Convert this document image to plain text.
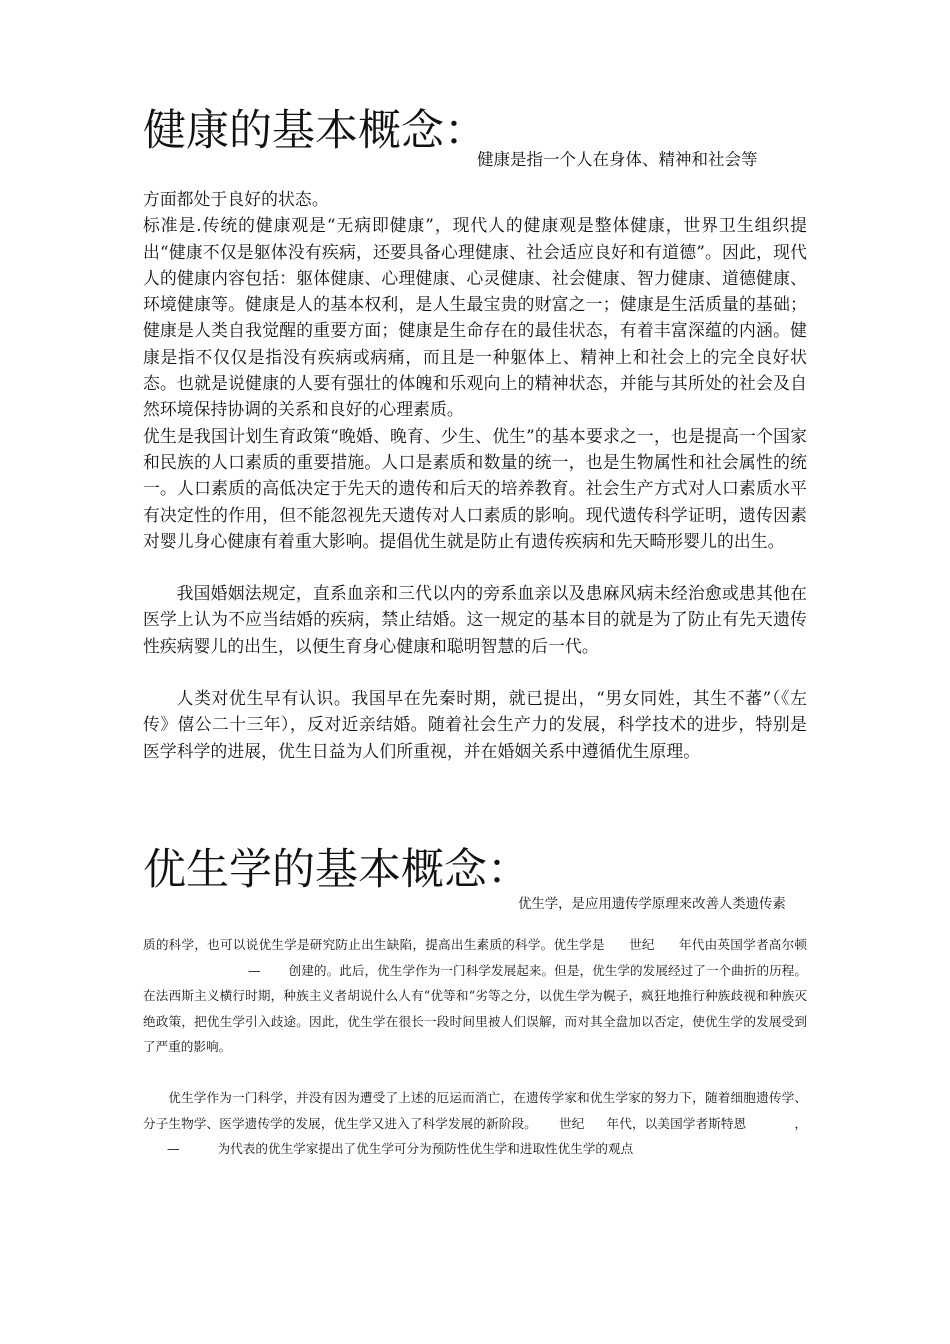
健康的基本概念：
健康是指一个人在身体、精神和社会等

方面都处于良好的状态。

标准是.传统的健康观是“无病即健康”，现代人的健康观是整体健康，世界卫生组织提出“健康不仅是躯体没有疾病，还要具备心理健康、社会适应良好和有道德”。因此，现代人的健康内容包括：躯体健康、心理健康、心灵健康、社会健康、智力健康、道德健康、环境健康等。健康是人的基本权利，是人生最宝贵的财富之一；健康是生活质量的基础；健康是人类自我觉醒的重要方面；健康是生命存在的最佳状态，有着丰富深蕴的内涵。健康是指不仅仅是指没有疾病或病痛，而且是一种躯体上、精神上和社会上的完全良好状态。也就是说健康的人要有强壮的体魄和乐观向上的精神状态，并能与其所处的社会及自然环境保持协调的关系和良好的心理素质。

优生是我国计划生育政策“晚婚、晚育、少生、优生”的基本要求之一，也是提高一个国家和民族的人口素质的重要措施。人口是素质和数量的统一，也是生物属性和社会属性的统一。人口素质的高低决定于先天的遗传和后天的培养教育。社会生产方式对人口素质水平有决定性的作用，但不能忽视先天遗传对人口素质的影响。现代遗传科学证明，遗传因素对婴儿身心健康有着重大影响。提倡优生就是防止有遗传疾病和先天畸形婴儿的出生。

我国婚姻法规定，直系血亲和三代以内的旁系血亲以及患麻风病未经治愈或患其他在医学上认为不应当结婚的疾病，禁止结婚。这一规定的基本目的就是为了防止有先天遗传性疾病婴儿的出生，以便生育身心健康和聪明智慧的后一代。

人类对优生早有认识。我国早在先秦时期，就已提出，“男女同姓，其生不蕃”（《左传》僖公二十三年），反对近亲结婚。随着社会生产力的发展，科学技术的进步，特别是医学科学的进展，优生日益为人们所重视，并在婚姻关系中遵循优生原理。

优生学的基本概念：
优生学，是应用遗传学原理来改善人类遗传素

质的科学，也可以说优生学是研究防止出生缺陷，提高出生素质的科学。优生学是 世纪 年代由英国学者高尔顿— 创建的。此后，优生学作为一门科学发展起来。但是，优生学的发展经过了一个曲折的历程。在法西斯主义横行时期，种族主义者胡说什么人有“优等和“劣等之分，以优生学为幌子，疯狂地推行种族歧视和种族灭绝政策，把优生学引入歧途。因此，优生学在很长一段时间里被人们误解，而对其全盘加以否定，使优生学的发展受到了严重的影响。

优生学作为一门科学，并没有因为遭受了上述的厄运而消亡，在遗传学家和优生学家的努力下，随着细胞遗传学、分子生物学、医学遗传学的发展，优生学又进入了科学发展的新阶段。 世纪 年代，以美国学者斯特恩	，—	为代表的优生学家提出了优生学可分为预防性优生学和进取性优生学的观点
